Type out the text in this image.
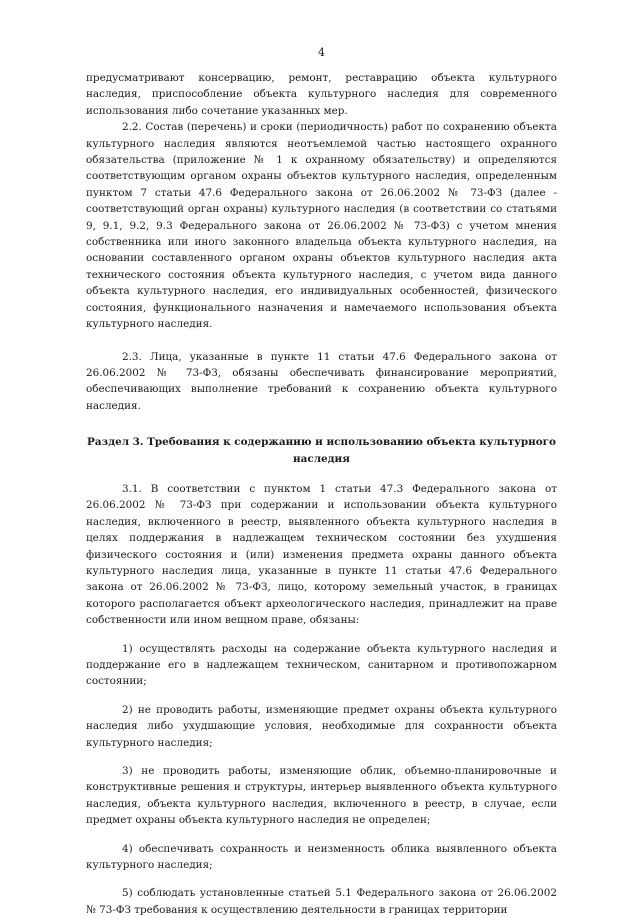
4

предусматривают консервацию, ремонт, реставрацию объекта культурного наследия, приспособление объекта культурного наследия для современного использования либо сочетание указанных мер.

2.2. Состав (перечень) и сроки (периодичность) работ по сохранению объекта культурного наследия являются неотъемлемой частью настоящего охранного обязательства (приложение № 1 к охранному обязательству) и определяются соответствующим органом охраны объектов культурного наследия, определенным пунктом 7 статьи 47.6 Федерального закона от 26.06.2002 № 73-ФЗ (далее - соответствующий орган охраны) культурного наследия (в соответствии со статьями 9, 9.1, 9.2, 9.3 Федерального закона от 26.06.2002 № 73-ФЗ) с учетом мнения собственника или иного законного владельца объекта культурного наследия, на основании составленного органом охраны объектов культурного наследия акта технического состояния объекта культурного наследия, с учетом вида данного объекта культурного наследия, его индивидуальных особенностей, физического состояния, функционального назначения и намечаемого использования объекта культурного наследия.

2.3. Лица, указанные в пункте 11 статьи 47.6 Федерального закона от 26.06.2002 № 73-ФЗ, обязаны обеспечивать финансирование мероприятий, обеспечивающих выполнение требований к сохранению объекта культурного наследия.

Раздел 3. Требования к содержанию и использованию объекта культурного наследия

3.1. В соответствии с пунктом 1 статьи 47.3 Федерального закона от 26.06.2002 № 73-ФЗ при содержании и использовании объекта культурного наследия, включенного в реестр, выявленного объекта культурного наследия в целях поддержания в надлежащем техническом состоянии без ухудшения физического состояния и (или) изменения предмета охраны данного объекта культурного наследия лица, указанные в пункте 11 статьи 47.6 Федерального закона от 26.06.2002 № 73-ФЗ, лицо, которому земельный участок, в границах которого располагается объект археологического наследия, принадлежит на праве собственности или ином вещном праве, обязаны:

1) осуществлять расходы на содержание объекта культурного наследия и поддержание его в надлежащем техническом, санитарном и противопожарном состоянии;

2) не проводить работы, изменяющие предмет охраны объекта культурного наследия либо ухудшающие условия, необходимые для сохранности объекта культурного наследия;

3) не проводить работы, изменяющие облик, объемно-планировочные и конструктивные решения и структуры, интерьер выявленного объекта культурного наследия, объекта культурного наследия, включенного в реестр, в случае, если предмет охраны объекта культурного наследия не определен;

4) обеспечивать сохранность и неизменность облика выявленного объекта культурного наследия;

5) соблюдать установленные статьей 5.1 Федерального закона от 26.06.2002 № 73-ФЗ требования к осуществлению деятельности в границах территории
